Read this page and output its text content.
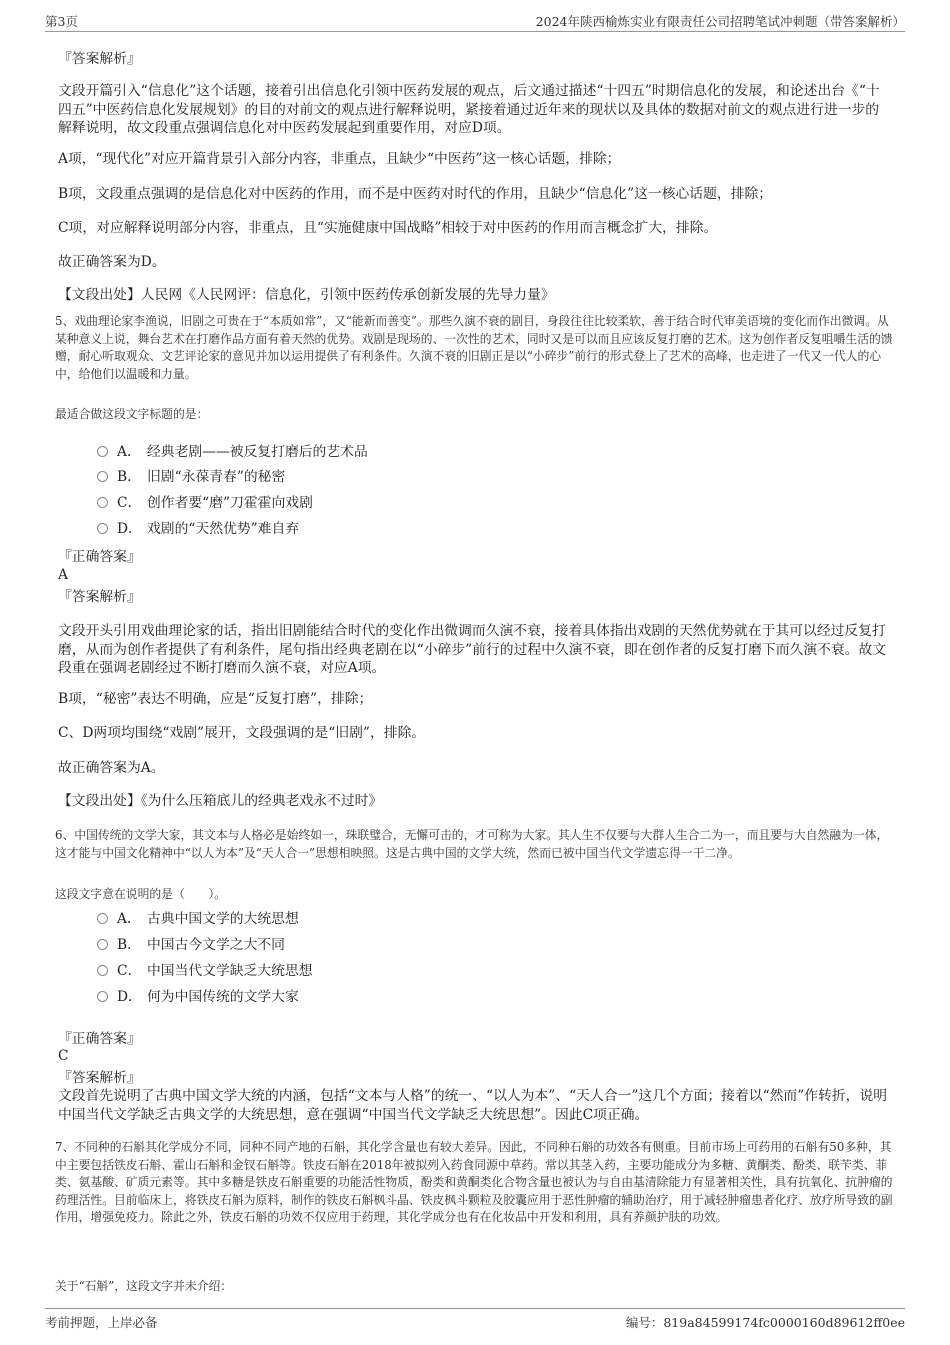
第3页	2024年陕西榆炼实业有限责任公司招聘笔试冲刺题（带答案解析）
『答案解析』

文段开篇引入“信息化”这个话题，接着引出信息化引领中医药发展的观点，后文通过描述“十四五”时期信息化的发展，和论述出台《“十四五”中医药信息化发展规划》的目的对前文的观点进行解释说明，紧接着通过近年来的现状以及具体的数据对前文的观点进行进一步的解释说明，故文段重点强调信息化对中医药发展起到重要作用，对应D项。

A项，“现代化”对应开篇背景引入部分内容，非重点，且缺少“中医药”这一核心话题，排除；

B项，文段重点强调的是信息化对中医药的作用，而不是中医药对时代的作用，且缺少“信息化”这一核心话题，排除；

C项，对应解释说明部分内容，非重点，且“实施健康中国战略”相较于对中医药的作用而言概念扩大，排除。

故正确答案为D。

【文段出处】人民网《人民网评：信息化，引领中医药传承创新发展的先导力量》

5、戏曲理论家李渔说，旧剧之可贵在于“本质如常”，又“能新而善变”。那些久演不衰的剧目，身段往往比较柔软，善于结合时代审美语境的变化而作出微调。从某种意义上说，舞台艺术在打磨作品方面有着天然的优势。戏剧是现场的、一次性的艺术，同时又是可以而且应该反复打磨的艺术。这为创作者反复咀嚼生活的馈赠，耐心听取观众、文艺评论家的意见并加以运用提供了有利条件。久演不衰的旧剧正是以“小碎步”前行的形式登上了艺术的高峰，也走进了一代又一代人的心中，给他们以温暖和力量。

最适合做这段文字标题的是：

A． 经典老剧——被反复打磨后的艺术品
B． 旧剧“永葆青春”的秘密
C． 创作者要“磨”刀霍霍向戏剧
D． 戏剧的“天然优势”难自弃
『正确答案』
A
『答案解析』

文段开头引用戏曲理论家的话，指出旧剧能结合时代的变化作出微调而久演不衰，接着具体指出戏剧的天然优势就在于其可以经过反复打磨，从而为创作者提供了有利条件，尾句指出经典老剧在以“小碎步”前行的过程中久演不衰，即在创作者的反复打磨下而久演不衰。故文段重在强调老剧经过不断打磨而久演不衰，对应A项。

B项，“秘密”表达不明确，应是“反复打磨”，排除；

C、D两项均围绕“戏剧”展开，文段强调的是“旧剧”，排除。

故正确答案为A。

【文段出处】《为什么压箱底儿的经典老戏永不过时》

6、中国传统的文学大家，其文本与人格必是始终如一，珠联璧合，无懈可击的，才可称为大家。其人生不仅要与大群人生合二为一，而且要与大自然融为一体，这才能与中国文化精神中“以人为本”及“天人合一”思想相映照。这是古典中国的文学大统，然而已被中国当代文学遗忘得一干二净。

这段文字意在说明的是（　　）。

A． 古典中国文学的大统思想
B． 中国古今文学之大不同
C． 中国当代文学缺乏大统思想
D． 何为中国传统的文学大家
『正确答案』
C
『答案解析』

文段首先说明了古典中国文学大统的内涵，包括“文本与人格”的统一、“以人为本”、“天人合一”这几个方面；接着以“然而”作转折，说明中国当代文学缺乏古典文学的大统思想，意在强调“中国当代文学缺乏大统思想”。因此C项正确。

7、不同种的石斛其化学成分不同，同种不同产地的石斛，其化学含量也有较大差异。因此，不同种石斛的功效各有侧重。目前市场上可药用的石斛有50多种，其中主要包括铁皮石斛、霍山石斛和金钗石斛等。铁皮石斛在2018年被拟列入药食同源中草药。常以其茎入药，主要功能成分为多糖、黄酮类、酚类、联苄类、菲类、氨基酸、矿质元素等。其中多糖是铁皮石斛重要的功能活性物质，酚类和黄酮类化合物含量也被认为与自由基清除能力有显著相关性，具有抗氧化、抗肿瘤的药理活性。目前临床上，将铁皮石斛为原料，制作的铁皮石斛枫斗晶、铁皮枫斗颗粒及胶囊应用于恶性肿瘤的辅助治疗，用于减轻肿瘤患者化疗、放疗所导致的副作用，增强免疫力。除此之外，铁皮石斛的功效不仅应用于药理，其化学成分也有在化妆品中开发和利用，具有养颜护肤的功效。

关于“石斛”，这段文字并未介绍：

考前押题，上岸必备	编号：819a84599174fc0000160d89612ff0ee
